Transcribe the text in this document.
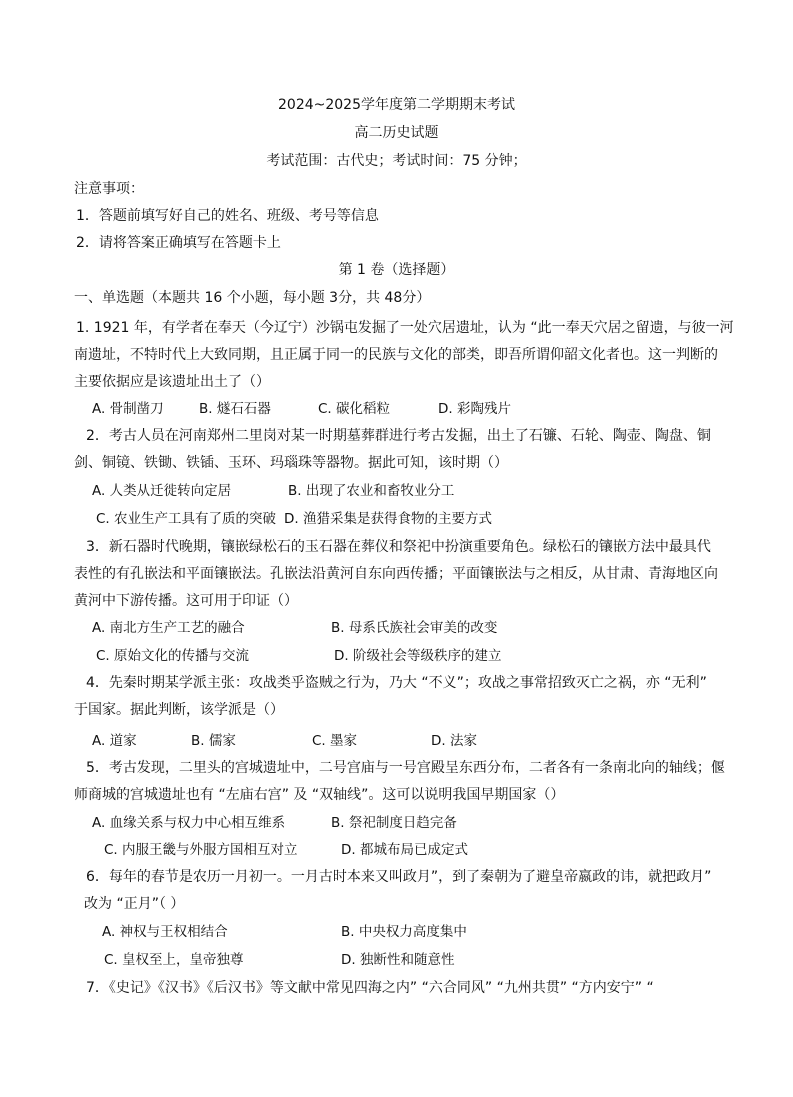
2024~2025学年度第二学期期末考试
高二历史试题
考试范围：古代史；考试时间：75 分钟；
注意事项：
1．答题前填写好自己的姓名、班级、考号等信息
2．请将答案正确填写在答题卡上
第 1 卷（选择题）
一、单选题（本题共 16 个小题，每小题 3分，共 48分）
1. 1921 年，有学者在奉天（今辽宁）沙锅屯发掘了一处穴居遗址，认为 “此一奉天穴居之留遗，与彼一河
南遗址，不特时代上大致同期，且正属于同一的民族与文化的部类，即吾所谓仰韶文化者也。这一判断的
主要依据应是该遗址出土了（）
A. 骨制凿刀	B. 燧石石器	C. 碳化稻粒	D. 彩陶残片
2．考古人员在河南郑州二里岗对某一时期墓葬群进行考古发掘，出土了石镰、石轮、陶壶、陶盘、铜
剑、铜镜、铁锄、铁锸、玉环、玛瑙珠等器物。据此可知，该时期（）
A. 人类从迁徙转向定居	B. 出现了农业和畜牧业分工
C. 农业生产工具有了质的突破 D. 渔猎采集是获得食物的主要方式
3．新石器时代晚期，镶嵌绿松石的玉石器在葬仪和祭祀中扮演重要角色。绿松石的镶嵌方法中最具代
表性的有孔嵌法和平面镶嵌法。孔嵌法沿黄河自东向西传播；平面镶嵌法与之相反，从甘肃、青海地区向
黄河中下游传播。这可用于印证（）
A. 南北方生产工艺的融合	B. 母系氏族社会审美的改变
C. 原始文化的传播与交流	D. 阶级社会等级秩序的建立
4．先秦时期某学派主张：攻战类乎盗贼之行为，乃大 “不义”；攻战之事常招致灭亡之祸，亦 “无利”
于国家。据此判断，该学派是（）
A. 道家	B. 儒家	C. 墨家	D. 法家
5．考古发现，二里头的宫城遗址中，二号宫庙与一号宫殿呈东西分布，二者各有一条南北向的轴线；偃
师商城的宫城遗址也有 “左庙右宫” 及 “双轴线”。这可以说明我国早期国家（）
A. 血缘关系与权力中心相互维系	B. 祭祀制度日趋完备
C. 内服王畿与外服方国相互对立	D. 都城布局已成定式
6．每年的春节是农历一月初一。一月古时本来又叫政月”，到了秦朝为了避皇帝嬴政的讳，就把政月”
改为 “正月”（ ）
A. 神权与王权相结合	B. 中央权力高度集中
C. 皇权至上，皇帝独尊	D. 独断性和随意性
7．《史记》《汉书》《后汉书》等文献中常见四海之内” “六合同风” “九州共贯” “方内安宁” “
